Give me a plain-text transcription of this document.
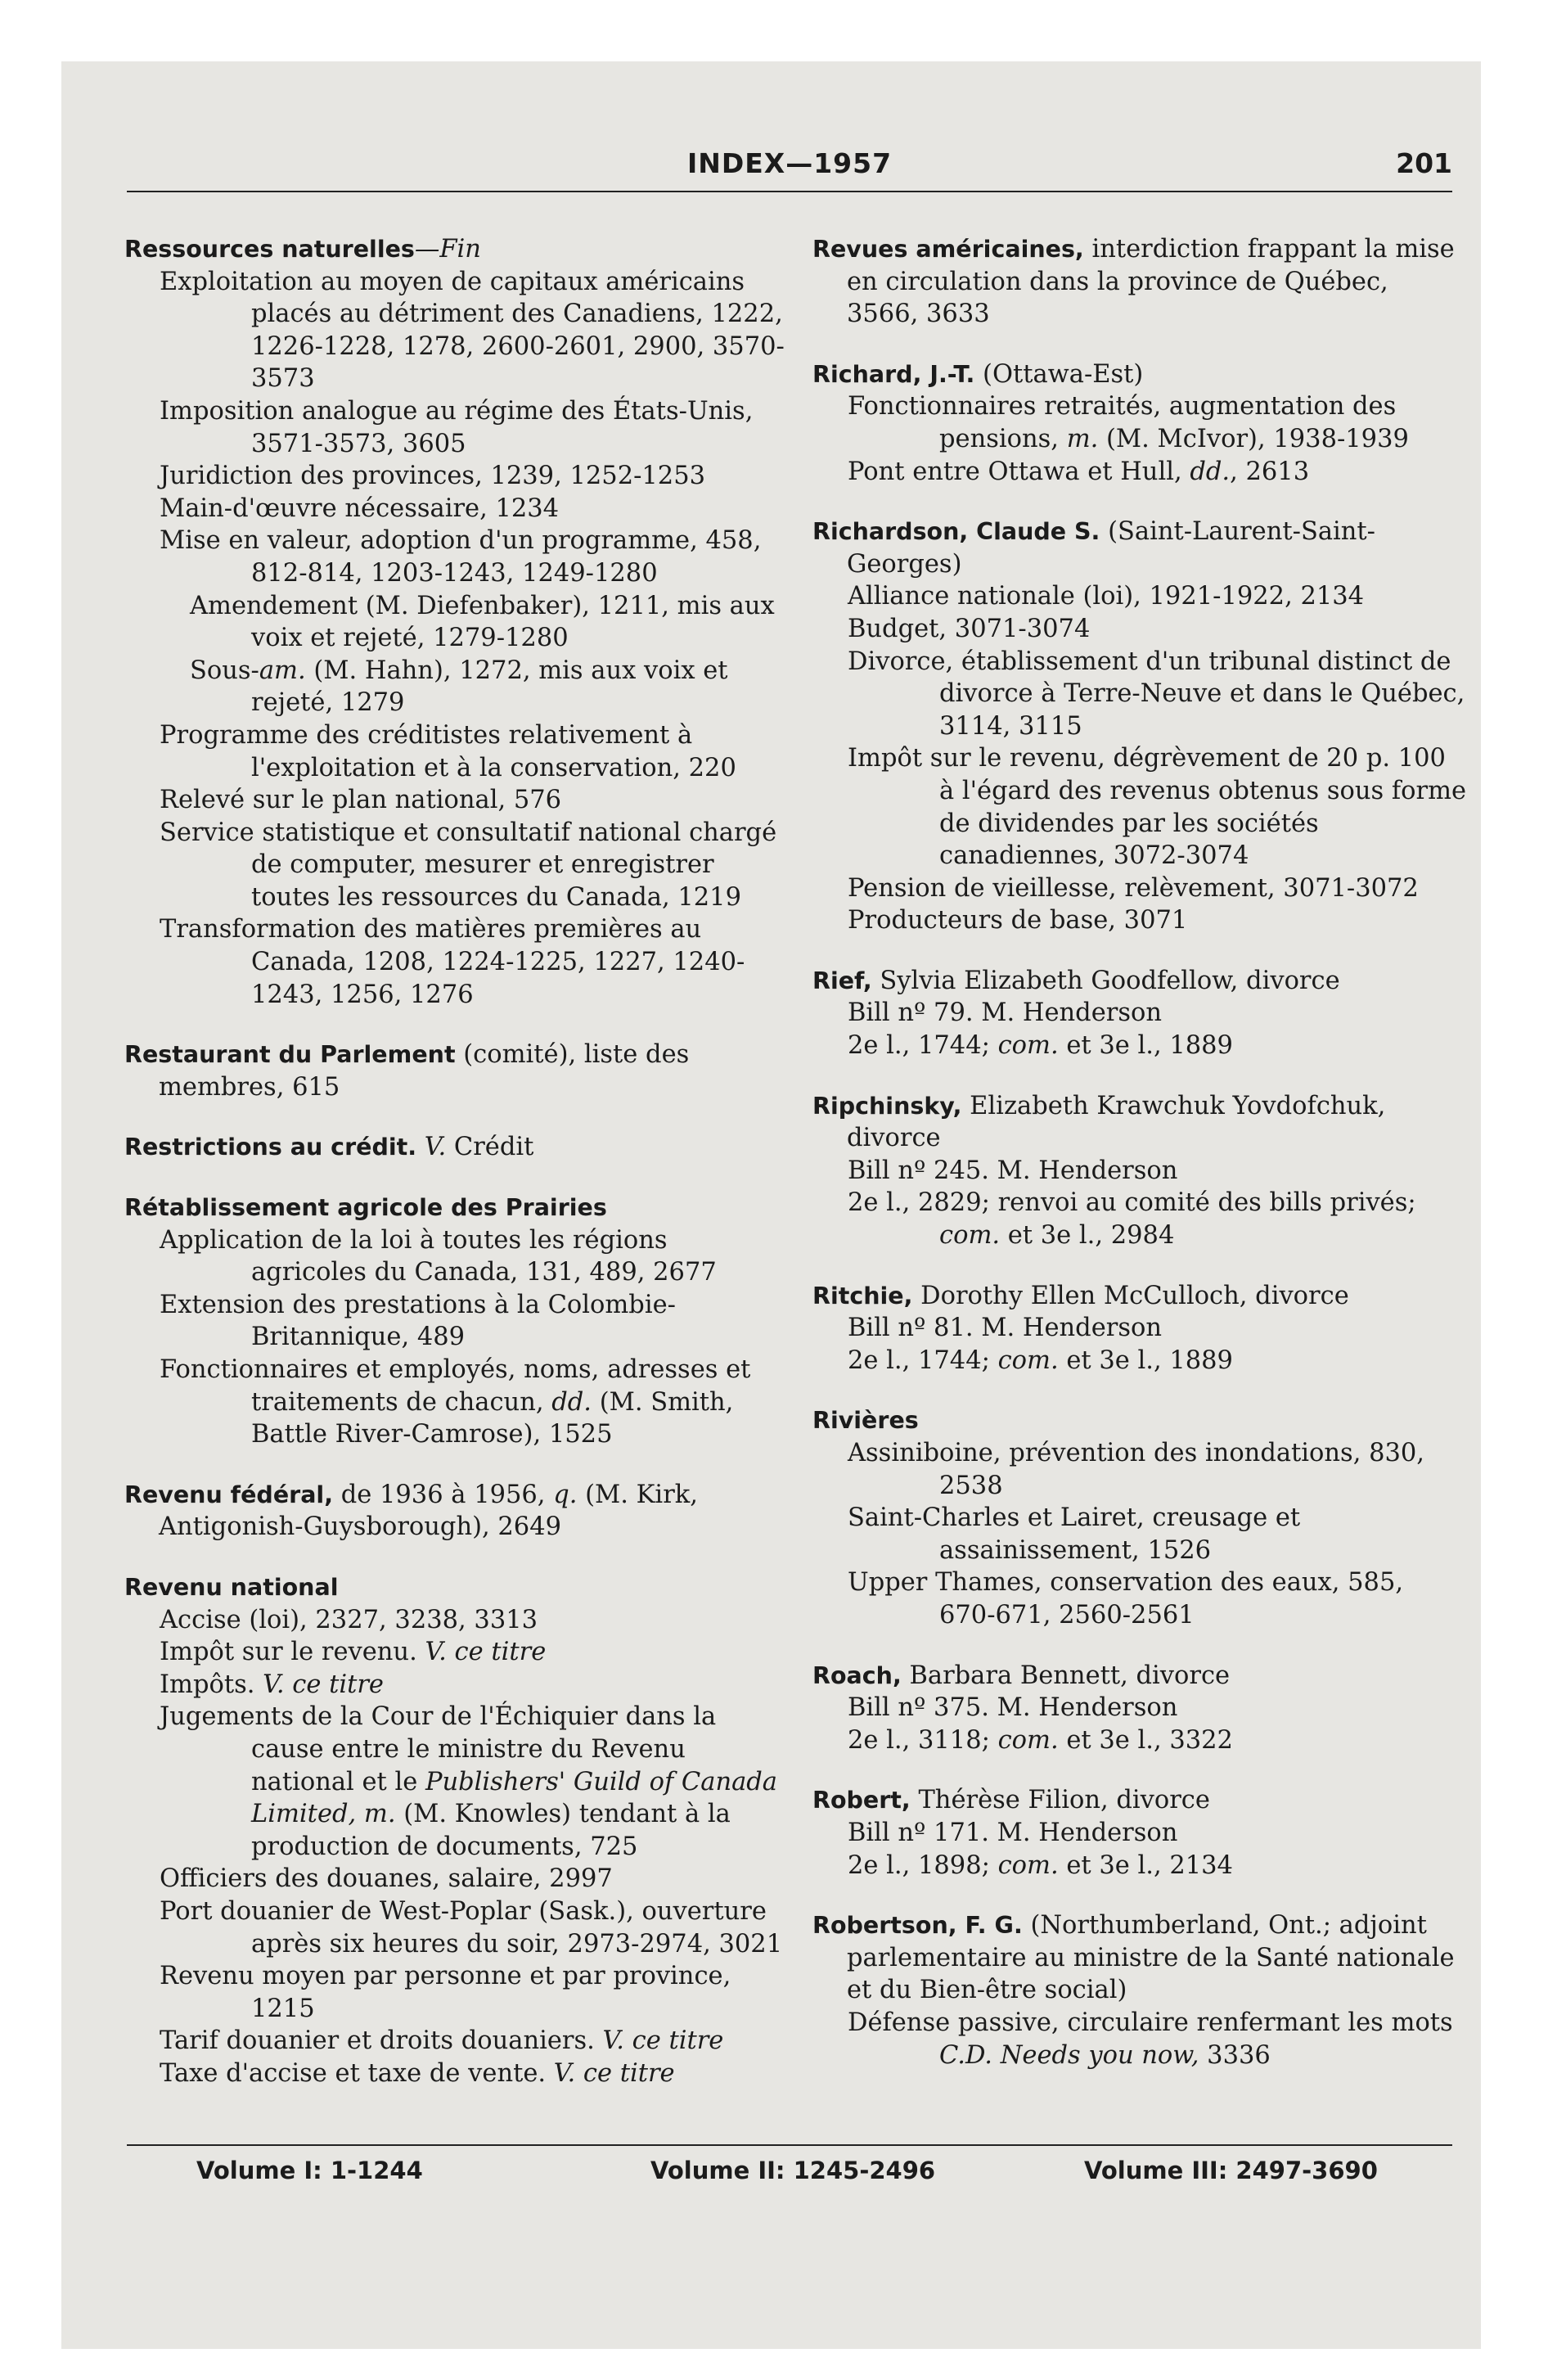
INDEX—1957	201
Ressources naturelles—Fin
Exploitation au moyen de capitaux américains placés au détriment des Canadiens, 1222, 1226-1228, 1278, 2600-2601, 2900, 3570-3573
Imposition analogue au régime des États-Unis, 3571-3573, 3605
Juridiction des provinces, 1239, 1252-1253
Main-d'œuvre nécessaire, 1234
Mise en valeur, adoption d'un programme, 458, 812-814, 1203-1243, 1249-1280
Amendement (M. Diefenbaker), 1211, mis aux voix et rejeté, 1279-1280
Sous-am. (M. Hahn), 1272, mis aux voix et rejeté, 1279
Programme des créditistes relativement à l'exploitation et à la conservation, 220
Relevé sur le plan national, 576
Service statistique et consultatif national chargé de computer, mesurer et enregistrer toutes les ressources du Canada, 1219
Transformation des matières premières au Canada, 1208, 1224-1225, 1227, 1240-1243, 1256, 1276
Restaurant du Parlement (comité), liste des membres, 615
Restrictions au crédit. V. Crédit
Rétablissement agricole des Prairies
Application de la loi à toutes les régions agricoles du Canada, 131, 489, 2677
Extension des prestations à la Colombie-Britannique, 489
Fonctionnaires et employés, noms, adresses et traitements de chacun, dd. (M. Smith, Battle River-Camrose), 1525
Revenu fédéral, de 1936 à 1956, q. (M. Kirk, Antigonish-Guysborough), 2649
Revenu national
Accise (loi), 2327, 3238, 3313
Impôt sur le revenu. V. ce titre
Impôts. V. ce titre
Jugements de la Cour de l'Échiquier dans la cause entre le ministre du Revenu national et le Publishers' Guild of Canada Limited, m. (M. Knowles) tendant à la production de documents, 725
Officiers des douanes, salaire, 2997
Port douanier de West-Poplar (Sask.), ouverture après six heures du soir, 2973-2974, 3021
Revenu moyen par personne et par province, 1215
Tarif douanier et droits douaniers. V. ce titre
Taxe d'accise et taxe de vente. V. ce titre
Revues américaines, interdiction frappant la mise en circulation dans la province de Québec, 3566, 3633
Richard, J.-T. (Ottawa-Est)
Fonctionnaires retraités, augmentation des pensions, m. (M. McIvor), 1938-1939
Pont entre Ottawa et Hull, dd., 2613
Richardson, Claude S. (Saint-Laurent-Saint-Georges)
Alliance nationale (loi), 1921-1922, 2134
Budget, 3071-3074
Divorce, établissement d'un tribunal distinct de divorce à Terre-Neuve et dans le Québec, 3114, 3115
Impôt sur le revenu, dégrèvement de 20 p. 100 à l'égard des revenus obtenus sous forme de dividendes par les sociétés canadiennes, 3072-3074
Pension de vieillesse, relèvement, 3071-3072
Producteurs de base, 3071
Rief, Sylvia Elizabeth Goodfellow, divorce
Bill nº 79. M. Henderson
2e l., 1744; com. et 3e l., 1889
Ripchinsky, Elizabeth Krawchuk Yovdofchuk, divorce
Bill nº 245. M. Henderson
2e l., 2829; renvoi au comité des bills privés; com. et 3e l., 2984
Ritchie, Dorothy Ellen McCulloch, divorce
Bill nº 81. M. Henderson
2e l., 1744; com. et 3e l., 1889
Rivières
Assiniboine, prévention des inondations, 830, 2538
Saint-Charles et Lairet, creusage et assainissement, 1526
Upper Thames, conservation des eaux, 585, 670-671, 2560-2561
Roach, Barbara Bennett, divorce
Bill nº 375. M. Henderson
2e l., 3118; com. et 3e l., 3322
Robert, Thérèse Filion, divorce
Bill nº 171. M. Henderson
2e l., 1898; com. et 3e l., 2134
Robertson, F. G. (Northumberland, Ont.; adjoint parlementaire au ministre de la Santé nationale et du Bien-être social)
Défense passive, circulaire renfermant les mots C.D. Needs you now, 3336
Volume I: 1-1244	Volume II: 1245-2496	Volume III: 2497-3690
